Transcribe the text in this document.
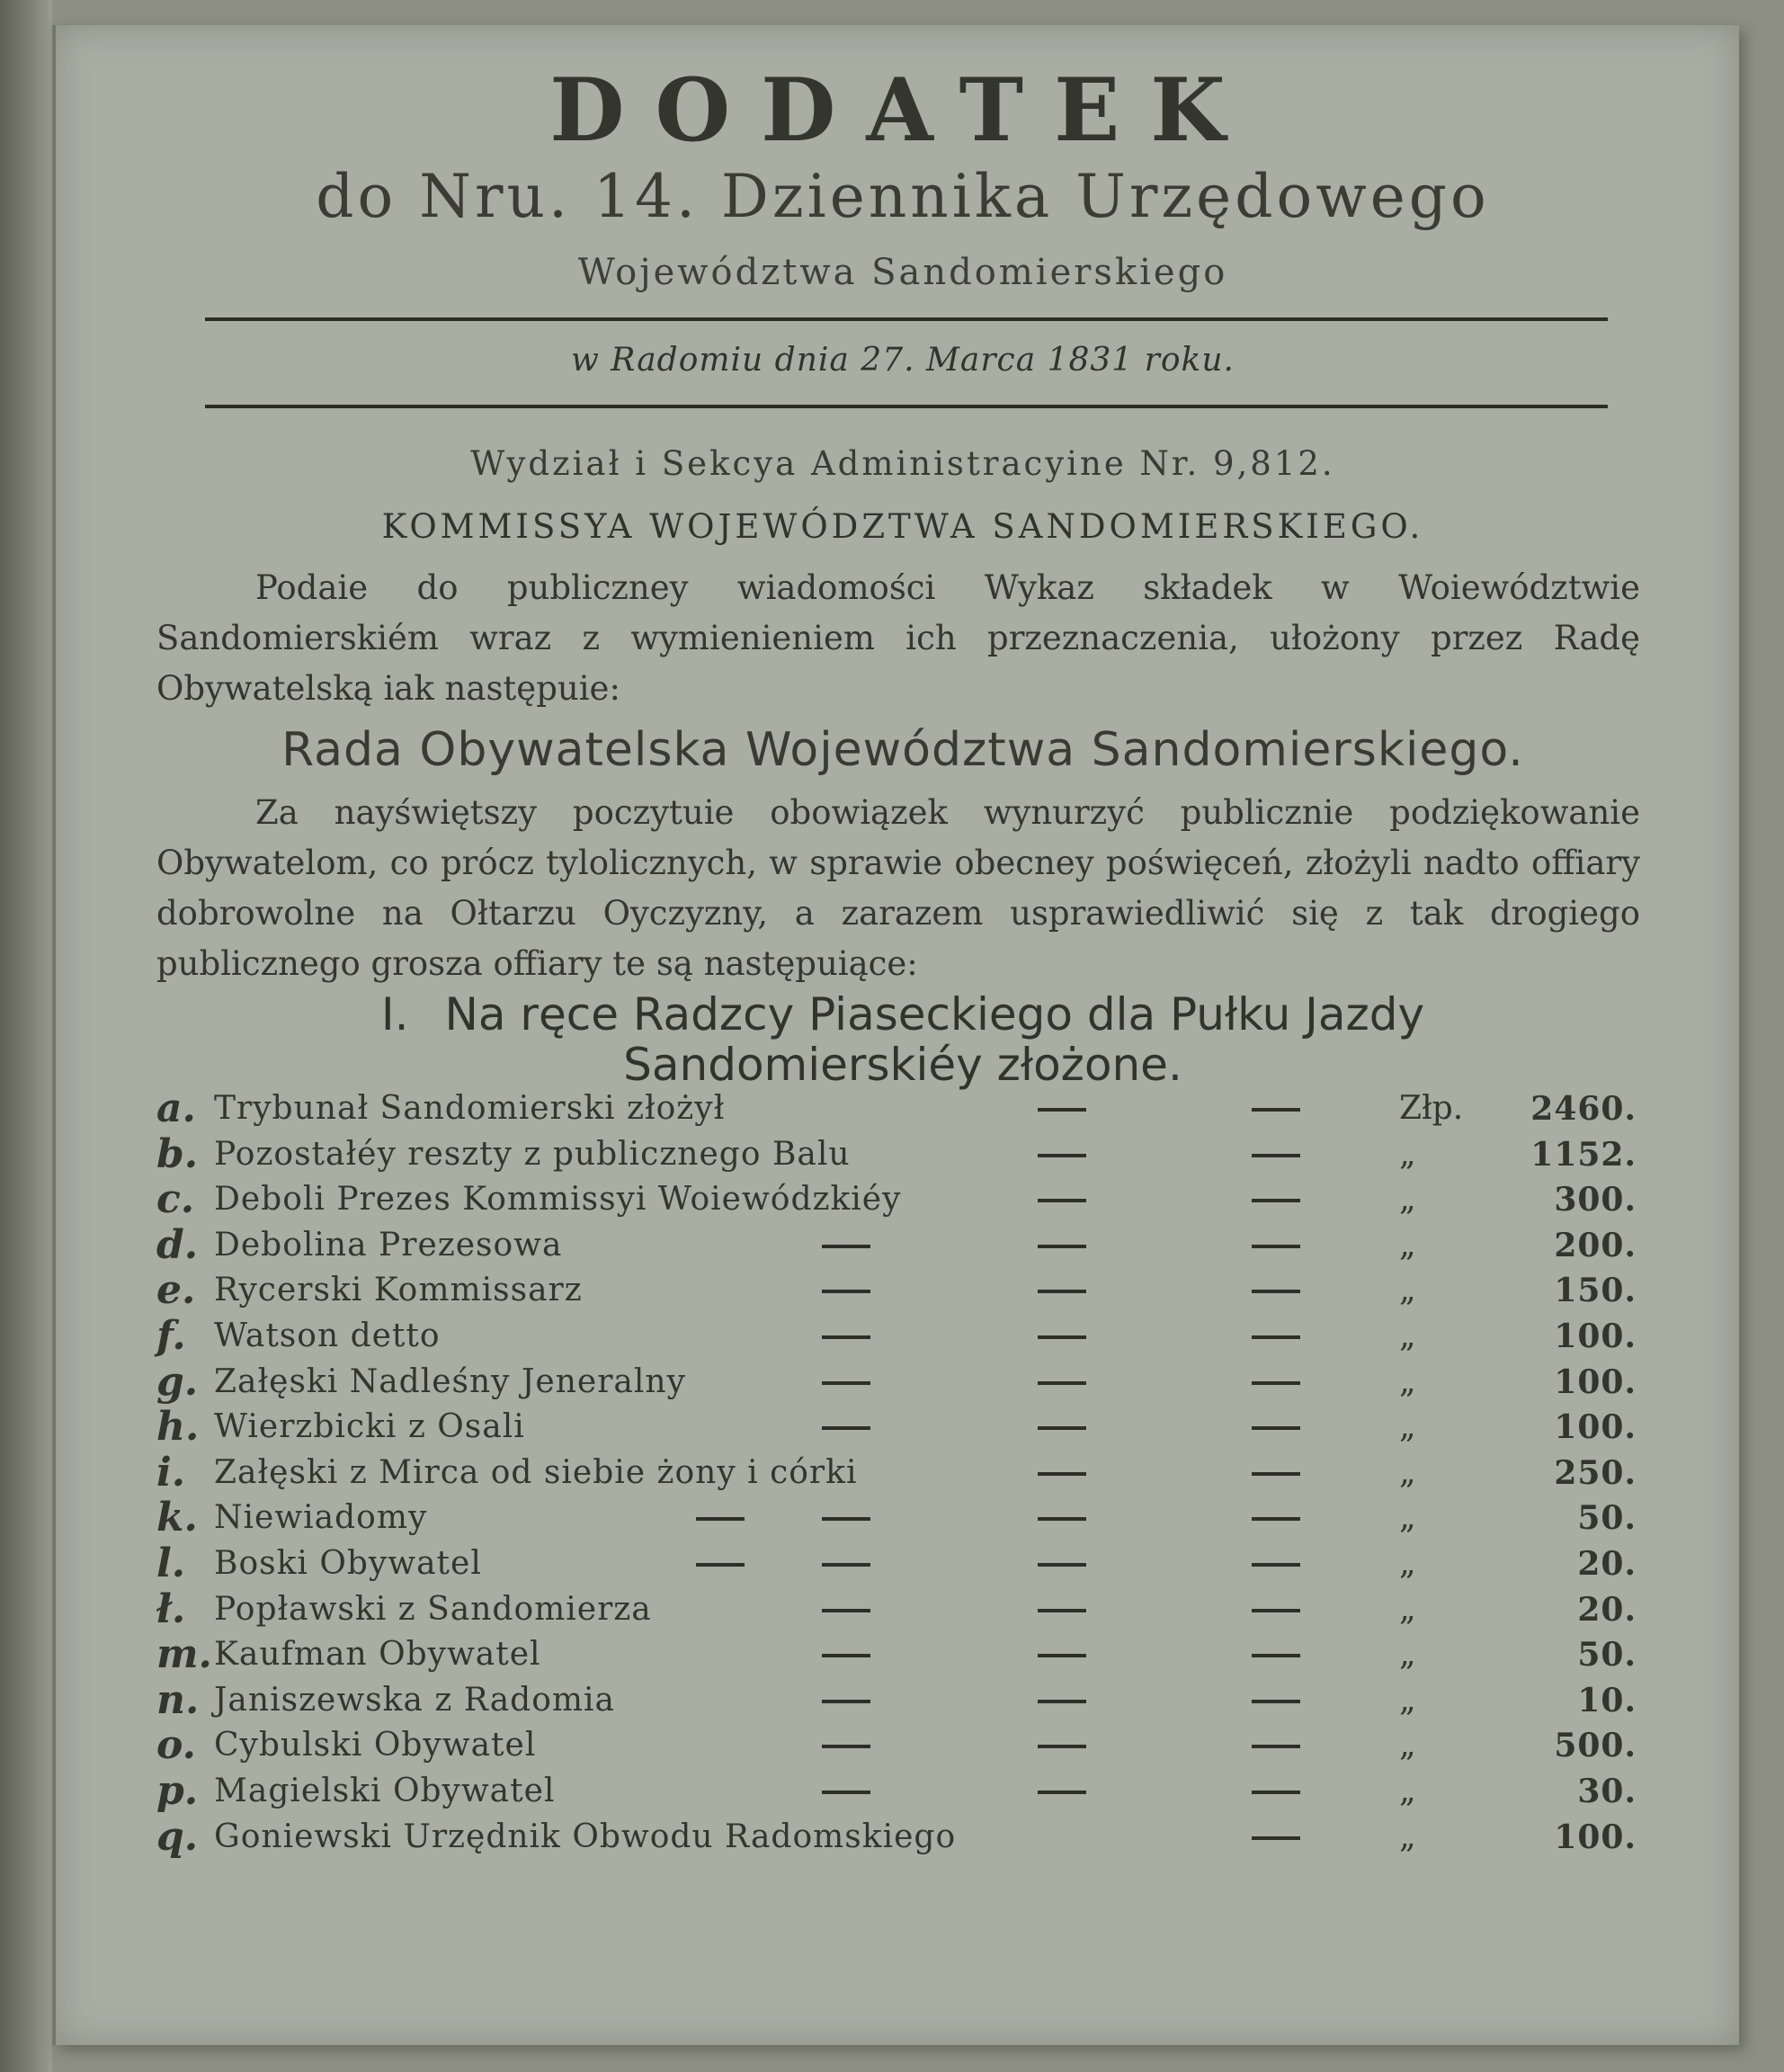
DODATEK
do Nru. 14. Dziennika Urzędowego
Województwa Sandomierskiego
w Radomiu dnia 27. Marca 1831 roku.
Wydział i Sekcya Administracyine Nr. 9,812.
KOMMISSYA WOJEWÓDZTWA SANDOMIERSKIEGO.
Podaie do publiczney wiadomości Wykaz składek w Woiewództwie Sandomierskiém wraz z wymienieniem ich przeznaczenia, ułożony przez Radę Obywatelską iak następuie:
Rada Obywatelska Województwa Sandomierskiego.
Za nayświętszy poczytuie obowiązek wynurzyć publicznie podziękowanie Obywatelom, co prócz tylolicznych, w sprawie obecney poświęceń, złożyli nadto offiary dobrowolne na Ołtarzu Oyczyzny, a zarazem usprawiedliwić się z tak drogiego publicznego grosza offiary te są następuiące:
I. Na ręce Radzcy Piaseckiego dla Pułku Jazdy
Sandomierskiéy złożone.
a. Trybunał Sandomierski złożył	Złp.	2460.
b. Pozostałéy reszty z publicznego Balu	„	1152.
c. Deboli Prezes Kommissyi Woiewódzkiéy	„	300.
d. Debolina Prezesowa	„	200.
e. Rycerski Kommissarz	„	150.
f. Watson detto	„	100.
g. Załęski Nadleśny Jeneralny	„	100.
h. Wierzbicki z Osali	„	100.
i. Załęski z Mirca od siebie żony i córki	„	250.
k. Niewiadomy	„	50.
l. Boski Obywatel	„	20.
ł. Popławski z Sandomierza	„	20.
m. Kaufman Obywatel	„	50.
n. Janiszewska z Radomia	„	10.
o. Cybulski Obywatel	„	500.
p. Magielski Obywatel	„	30.
q. Goniewski Urzędnik Obwodu Radomskiego	„	100.
